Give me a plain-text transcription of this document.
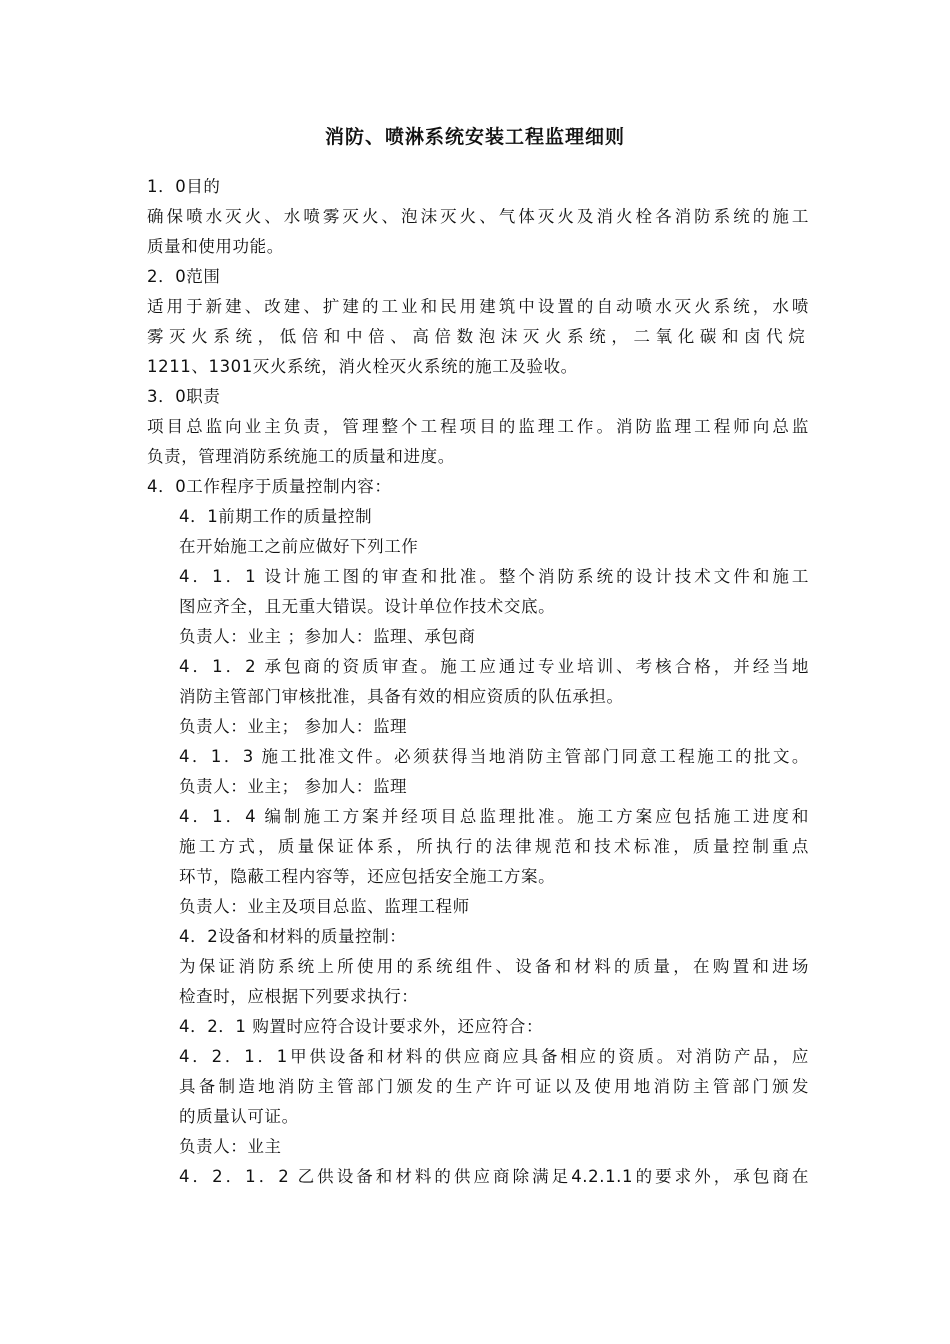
消防、喷淋系统安装工程监理细则

1．0目的

确保喷水灭火、水喷雾灭火、泡沫灭火、气体灭火及消火栓各消防系统的施工

质量和使用功能。

2．0范围

适用于新建、改建、扩建的工业和民用建筑中设置的自动喷水灭火系统，水喷

雾灭火系统，低倍和中倍、高倍数泡沫灭火系统，二氧化碳和卤代烷

1211、1301灭火系统，消火栓灭火系统的施工及验收。

3．0职责

项目总监向业主负责，管理整个工程项目的监理工作。消防监理工程师向总监

负责，管理消防系统施工的质量和进度。

4．0工作程序于质量控制内容：

4．1前期工作的质量控制

在开始施工之前应做好下列工作

4．1．1 设计施工图的审查和批准。整个消防系统的设计技术文件和施工

图应齐全，且无重大错误。设计单位作技术交底。

负责人：业主 ；参加人：监理、承包商

4．1．2 承包商的资质审查。施工应通过专业培训、考核合格，并经当地

消防主管部门审核批准，具备有效的相应资质的队伍承担。

负责人：业主； 参加人：监理

4．1．3 施工批准文件。必须获得当地消防主管部门同意工程施工的批文。

负责人：业主； 参加人：监理

4．1．4 编制施工方案并经项目总监理批准。施工方案应包括施工进度和

施工方式，质量保证体系，所执行的法律规范和技术标准，质量控制重点

环节，隐蔽工程内容等，还应包括安全施工方案。

负责人：业主及项目总监、监理工程师

4．2设备和材料的质量控制：

为保证消防系统上所使用的系统组件、设备和材料的质量，在购置和进场

检查时，应根据下列要求执行：

4．2．1 购置时应符合设计要求外，还应符合：

4．2．1．1甲供设备和材料的供应商应具备相应的资质。对消防产品，应

具备制造地消防主管部门颁发的生产许可证以及使用地消防主管部门颁发

的质量认可证。

负责人：业主

4．2．1．2 乙供设备和材料的供应商除满足4.2.1.1的要求外，承包商在
